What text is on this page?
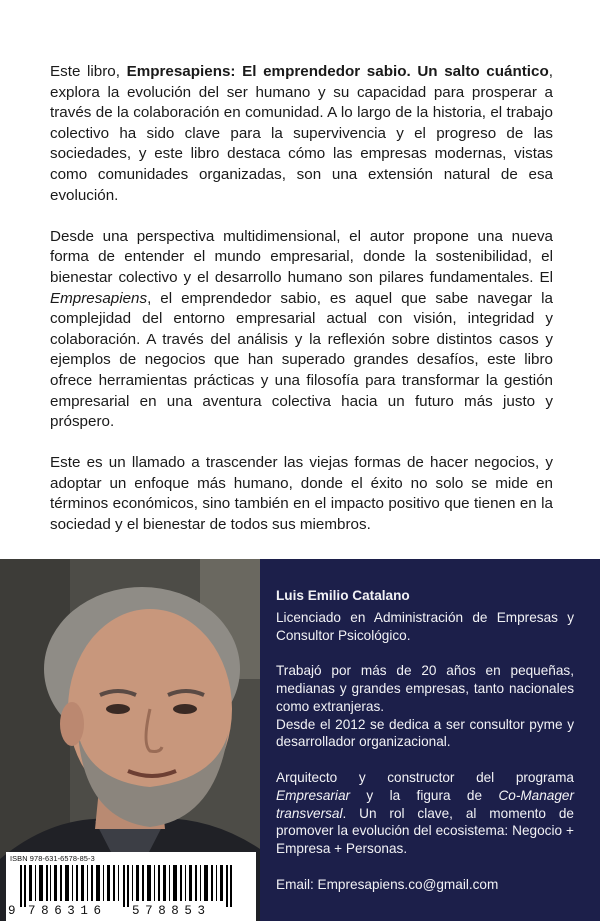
Este libro, Empresapiens: El emprendedor sabio. Un salto cuántico, explora la evolución del ser humano y su capacidad para prosperar a través de la colaboración en comunidad. A lo largo de la historia, el trabajo colectivo ha sido clave para la supervivencia y el progreso de las sociedades, y este libro destaca cómo las empresas modernas, vistas como comunidades organizadas, son una extensión natural de esa evolución.

Desde una perspectiva multidimensional, el autor propone una nueva forma de entender el mundo empresarial, donde la sostenibilidad, el bienestar colectivo y el desarrollo humano son pilares fundamentales. El Empresapiens, el emprendedor sabio, es aquel que sabe navegar la complejidad del entorno empresarial actual con visión, integridad y colaboración. A través del análisis y la reflexión sobre distintos casos y ejemplos de negocios que han superado grandes desafíos, este libro ofrece herramientas prácticas y una filosofía para transformar la gestión empresarial en una aventura colectiva hacia un futuro más justo y próspero.

Este es un llamado a trascender las viejas formas de hacer negocios, y adoptar un enfoque más humano, donde el éxito no solo se mide en términos económicos, sino también en el impacto positivo que tienen en la sociedad y el bienestar de todos sus miembros.

Luis Emilio Catalano

Licenciado en Administración de Empresas y Consultor Psicológico.

Trabajó por más de 20 años en pequeñas, medianas y grandes empresas, tanto nacionales como extranjeras.

Desde el 2012 se dedica a ser consultor pyme y desarrollador organizacional.

Arquitecto y constructor del programa Empresariar y la figura de Co-Manager transversal. Un rol clave, al momento de promover la evolución del ecosistema: Negocio + Empresa + Personas.

Email: Empresapiens.co@gmail.com

ISBN 978-631-6578-85-3
9 786316 578853
